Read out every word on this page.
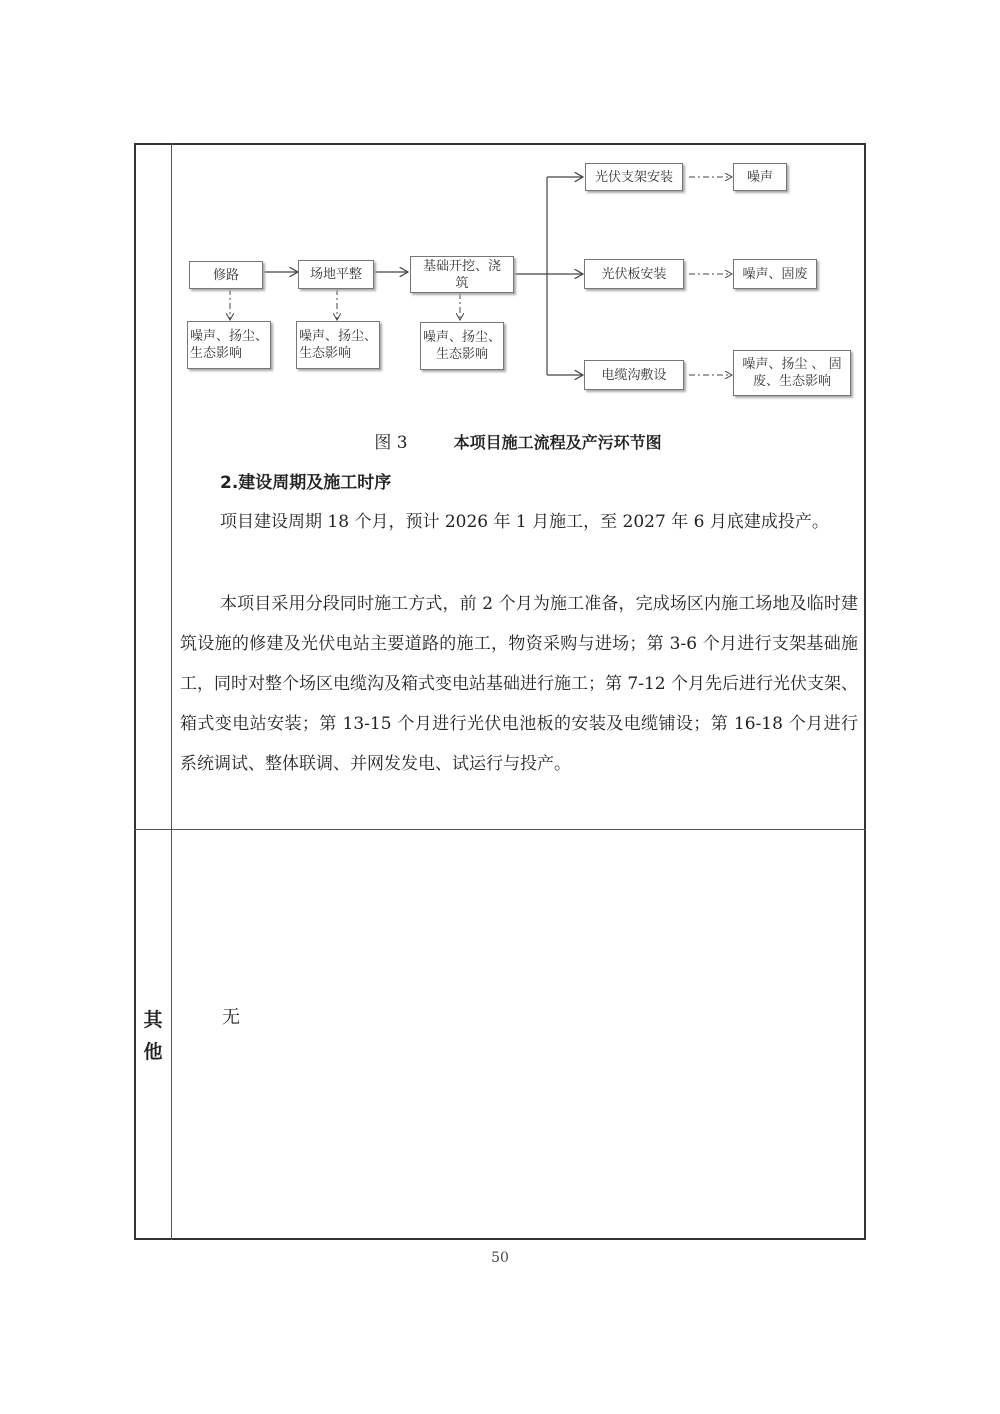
修路	场地平整
基础开挖、浇筑
噪声、扬尘、生态影响
噪声、扬尘、生态影响
噪声、扬尘、生态影响
光伏支架安装
光伏板安装
电缆沟敷设
噪声
噪声、固废
噪声、扬尘 、 固废、生态影响
图 3	本项目施工流程及产污环节图
2.建设周期及施工时序
项目建设周期 18 个月，预计 2026 年 1 月施工，至 2027 年 6 月底建成投产。
本项目采用分段同时施工方式，前 2 个月为施工准备，完成场区内施工场地及临时建筑设施的修建及光伏电站主要道路的施工，物资采购与进场；第 3-6 个月进行支架基础施工，同时对整个场区电缆沟及箱式变电站基础进行施工；第 7-12 个月先后进行光伏支架、箱式变电站安装；第 13-15 个月进行光伏电池板的安装及电缆铺设；第 16-18 个月进行系统调试、整体联调、并网发发电、试运行与投产。
其他
无
50
